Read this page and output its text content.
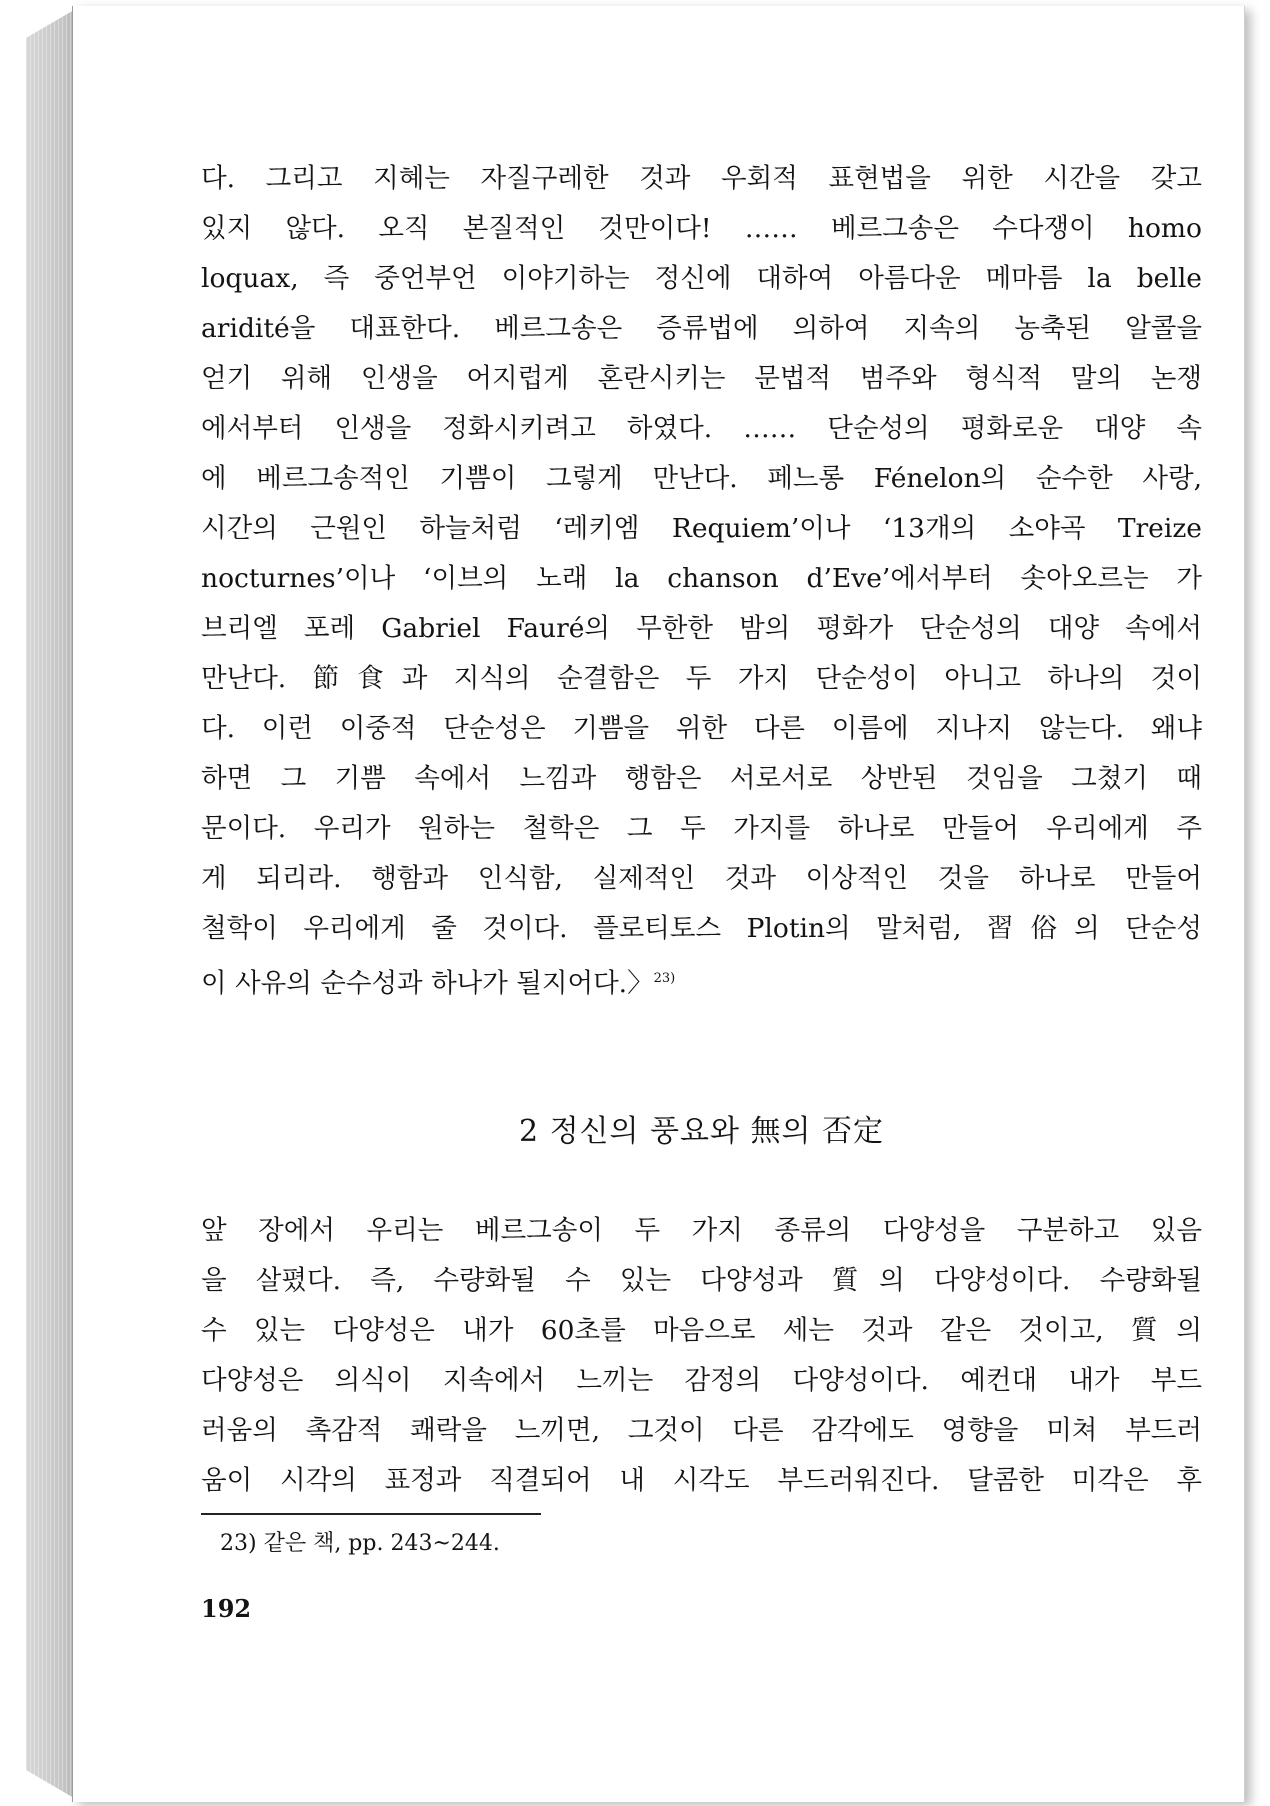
다. 그리고 지혜는 자질구레한 것과 우회적 표현법을 위한 시간을 갖고
있지 않다. 오직 본질적인 것만이다! …… 베르그송은 수다쟁이 homo
loquax, 즉 중언부언 이야기하는 정신에 대하여 아름다운 메마름 la belle
aridité을 대표한다. 베르그송은 증류법에 의하여 지속의 농축된 알콜을
얻기 위해 인생을 어지럽게 혼란시키는 문법적 범주와 형식적 말의 논쟁
에서부터 인생을 정화시키려고 하였다. …… 단순성의 평화로운 대양 속
에 베르그송적인 기쁨이 그렇게 만난다. 페느롱 Fénelon의 순수한 사랑,
시간의 근원인 하늘처럼 ‘레키엠 Requiem’이나 ‘13개의 소야곡 Treize
nocturnes’이나 ‘이브의 노래 la chanson d’Eve’에서부터 솟아오르는 가
브리엘 포레 Gabriel Fauré의 무한한 밤의 평화가 단순성의 대양 속에서
만난다. 節食과 지식의 순결함은 두 가지 단순성이 아니고 하나의 것이
다. 이런 이중적 단순성은 기쁨을 위한 다른 이름에 지나지 않는다. 왜냐
하면 그 기쁨 속에서 느낌과 행함은 서로서로 상반된 것임을 그쳤기 때
문이다. 우리가 원하는 철학은 그 두 가지를 하나로 만들어 우리에게 주
게 되리라. 행함과 인식함, 실제적인 것과 이상적인 것을 하나로 만들어
철학이 우리에게 줄 것이다. 플로티토스 Plotin의 말처럼, 習俗의 단순성
이 사유의 순수성과 하나가 될지어다.〉$^{23)}$
2 정신의 풍요와 無의 否定
앞 장에서 우리는 베르그송이 두 가지 종류의 다양성을 구분하고 있음
을 살폈다. 즉, 수량화될 수 있는 다양성과 質의 다양성이다. 수량화될
수 있는 다양성은 내가 60초를 마음으로 세는 것과 같은 것이고, 質의
다양성은 의식이 지속에서 느끼는 감정의 다양성이다. 예컨대 내가 부드
러움의 촉감적 쾌락을 느끼면, 그것이 다른 감각에도 영향을 미쳐 부드러
움이 시각의 표정과 직결되어 내 시각도 부드러워진다. 달콤한 미각은 후
23) 같은 책, pp. 243~244.
192
